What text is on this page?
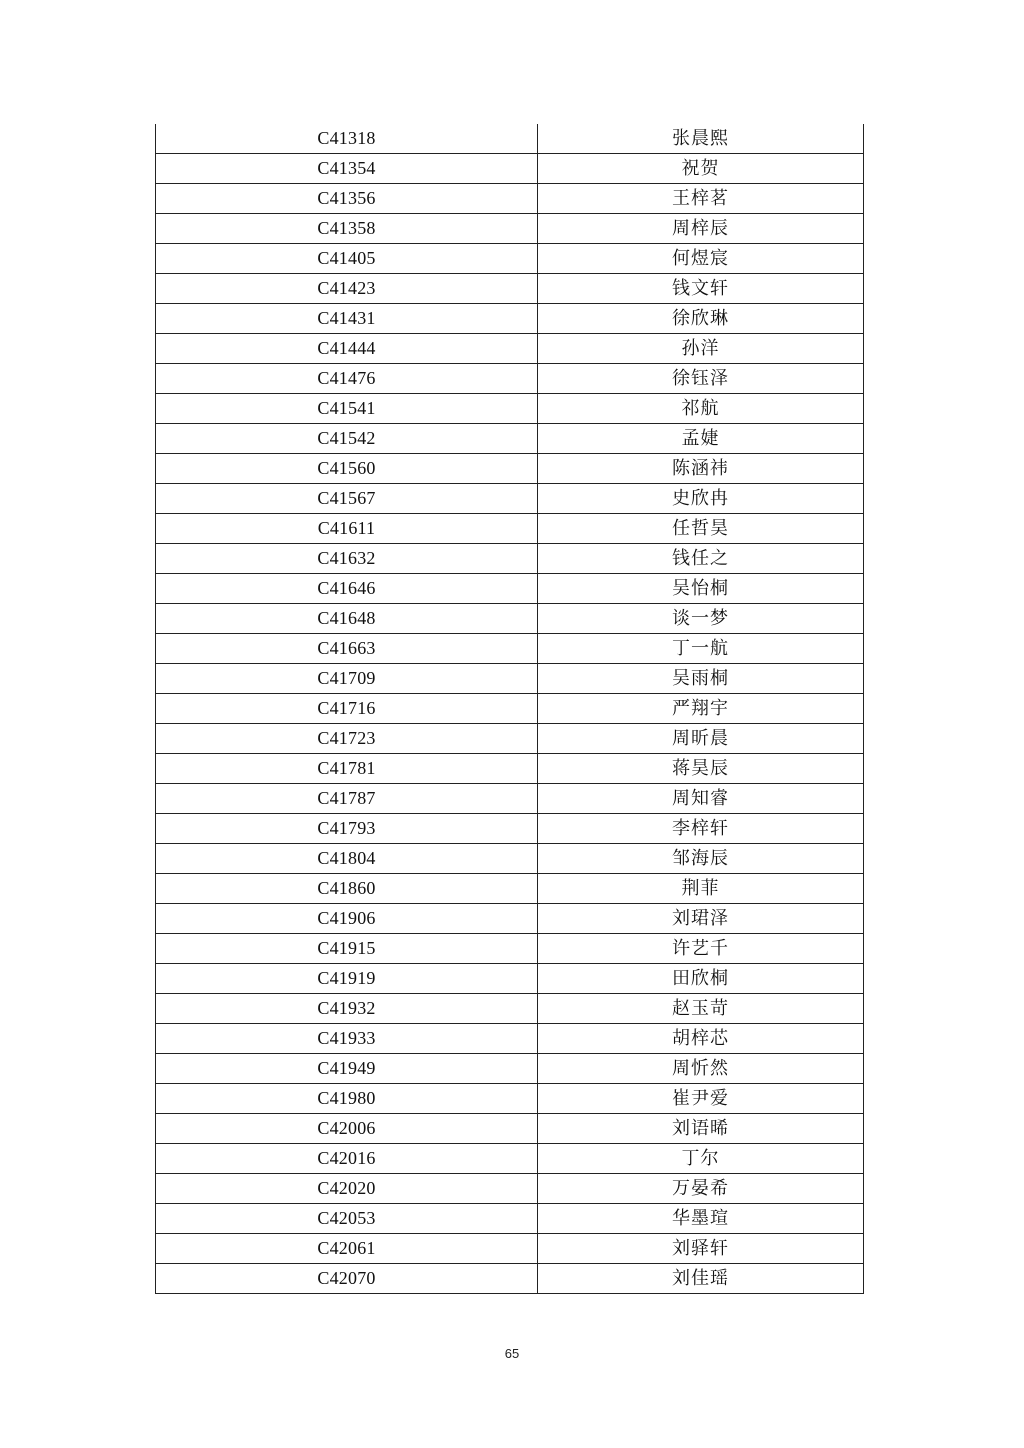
C41318	张晨熙
C41354	祝贺
C41356	王梓茗
C41358	周梓辰
C41405	何煜宸
C41423	钱文轩
C41431	徐欣琳
C41444	孙洋
C41476	徐钰泽
C41541	祁航
C41542	孟婕
C41560	陈涵祎
C41567	史欣冉
C41611	任哲昊
C41632	钱任之
C41646	吴怡桐
C41648	谈一梦
C41663	丁一航
C41709	吴雨桐
C41716	严翔宇
C41723	周昕晨
C41781	蒋昊辰
C41787	周知睿
C41793	李梓轩
C41804	邹海辰
C41860	荆菲
C41906	刘珺泽
C41915	许艺千
C41919	田欣桐
C41932	赵玉苛
C41933	胡梓芯
C41949	周忻然
C41980	崔尹爱
C42006	刘语晞
C42016	丁尔
C42020	万晏希
C42053	华墨瑄
C42061	刘驿轩
C42070	刘佳瑶
65
